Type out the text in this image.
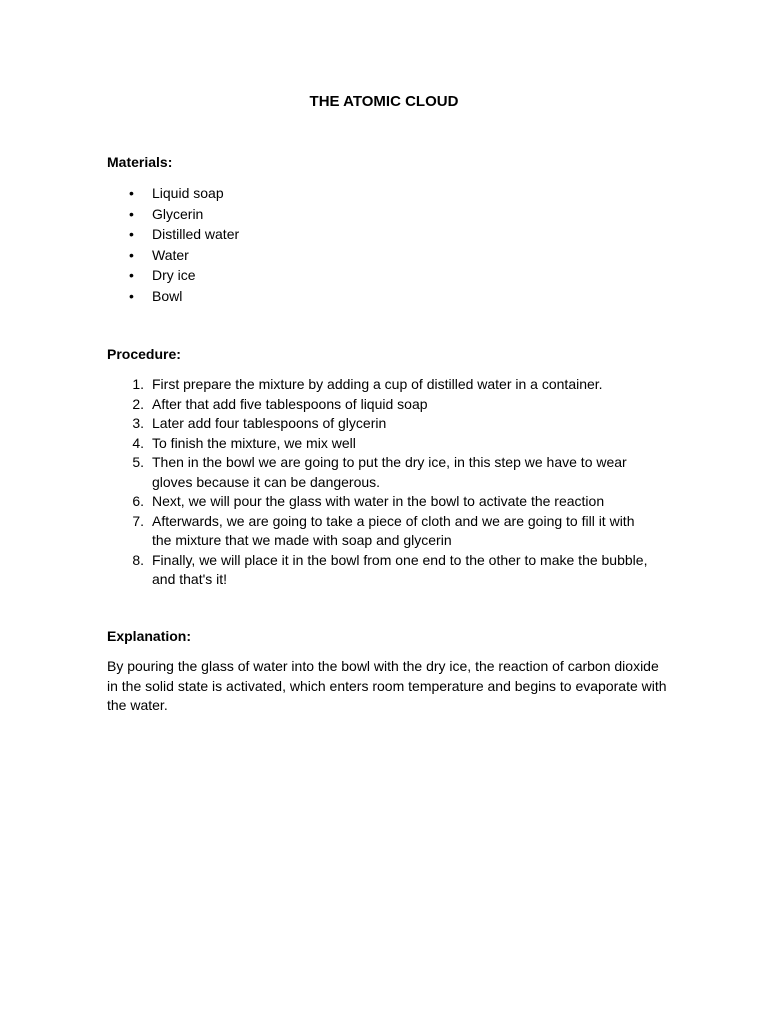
THE ATOMIC CLOUD
Materials:
• Liquid soap
• Glycerin
• Distilled water
• Water
• Dry ice
• Bowl
Procedure:
1. First prepare the mixture by adding a cup of distilled water in a container.
2. After that add five tablespoons of liquid soap
3. Later add four tablespoons of glycerin
4. To finish the mixture, we mix well
5. Then in the bowl we are going to put the dry ice, in this step we have to wear gloves because it can be dangerous.
6. Next, we will pour the glass with water in the bowl to activate the reaction
7. Afterwards, we are going to take a piece of cloth and we are going to fill it with the mixture that we made with soap and glycerin
8. Finally, we will place it in the bowl from one end to the other to make the bubble, and that's it!
Explanation:

By pouring the glass of water into the bowl with the dry ice, the reaction of carbon dioxide in the solid state is activated, which enters room temperature and begins to evaporate with the water.
